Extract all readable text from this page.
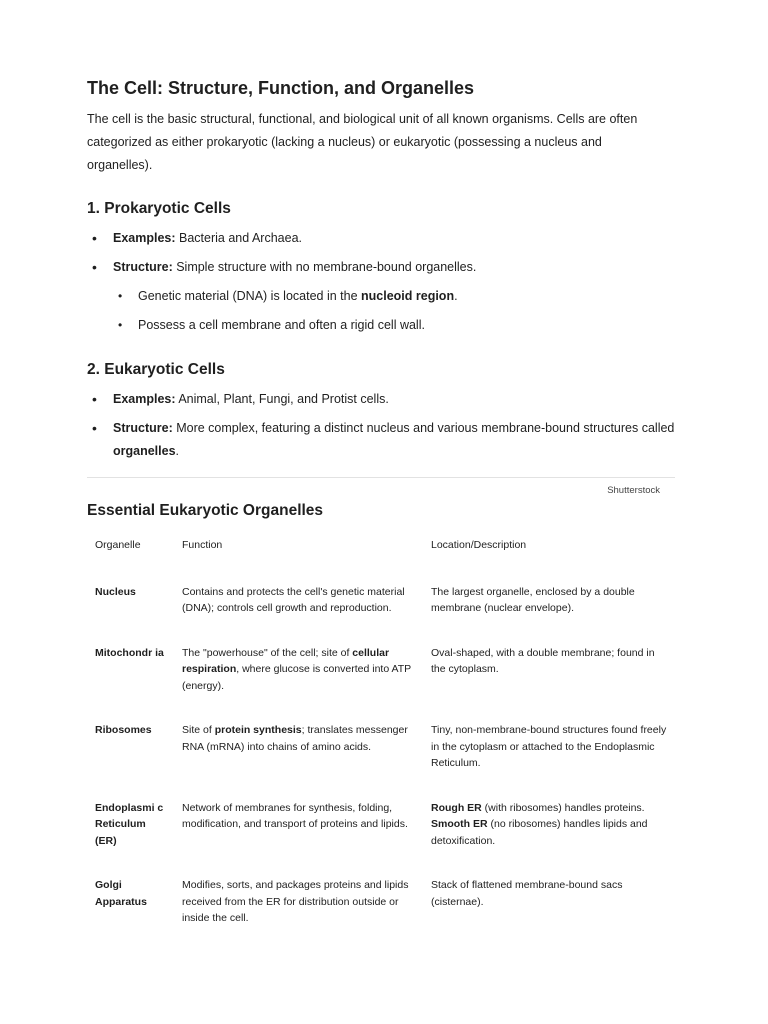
The Cell: Structure, Function, and Organelles

The cell is the basic structural, functional, and biological unit of all known organisms. Cells are often categorized as either prokaryotic (lacking a nucleus) or eukaryotic (possessing a nucleus and organelles).

1. Prokaryotic Cells
• Examples: Bacteria and Archaea.
• Structure: Simple structure with no membrane-bound organelles.
• Genetic material (DNA) is located in the nucleoid region.
• Possess a cell membrane and often a rigid cell wall.
2. Eukaryotic Cells
• Examples: Animal, Plant, Fungi, and Protist cells.
• Structure: More complex, featuring a distinct nucleus and various membrane-bound structures called organelles.
Shutterstock
Essential Eukaryotic Organelles
Organelle	Function	Location/Description
Nucleus	Contains and protects the cell's genetic material (DNA); controls cell growth and reproduction.	The largest organelle, enclosed by a double membrane (nuclear envelope).
Mitochondr ia	The "powerhouse" of the cell; site of cellular respiration, where glucose is converted into ATP (energy).	Oval-shaped, with a double membrane; found in the cytoplasm.
Ribosomes	Site of protein synthesis; translates messenger RNA (mRNA) into chains of amino acids.	Tiny, non-membrane-bound structures found freely in the cytoplasm or attached to the Endoplasmic Reticulum.
Endoplasmi c Reticulum (ER)	Network of membranes for synthesis, folding, modification, and transport of proteins and lipids.	Rough ER (with ribosomes) handles proteins. Smooth ER (no ribosomes) handles lipids and detoxification.
Golgi Apparatus	Modifies, sorts, and packages proteins and lipids received from the ER for distribution outside or inside the cell.	Stack of flattened membrane-bound sacs (cisternae).
